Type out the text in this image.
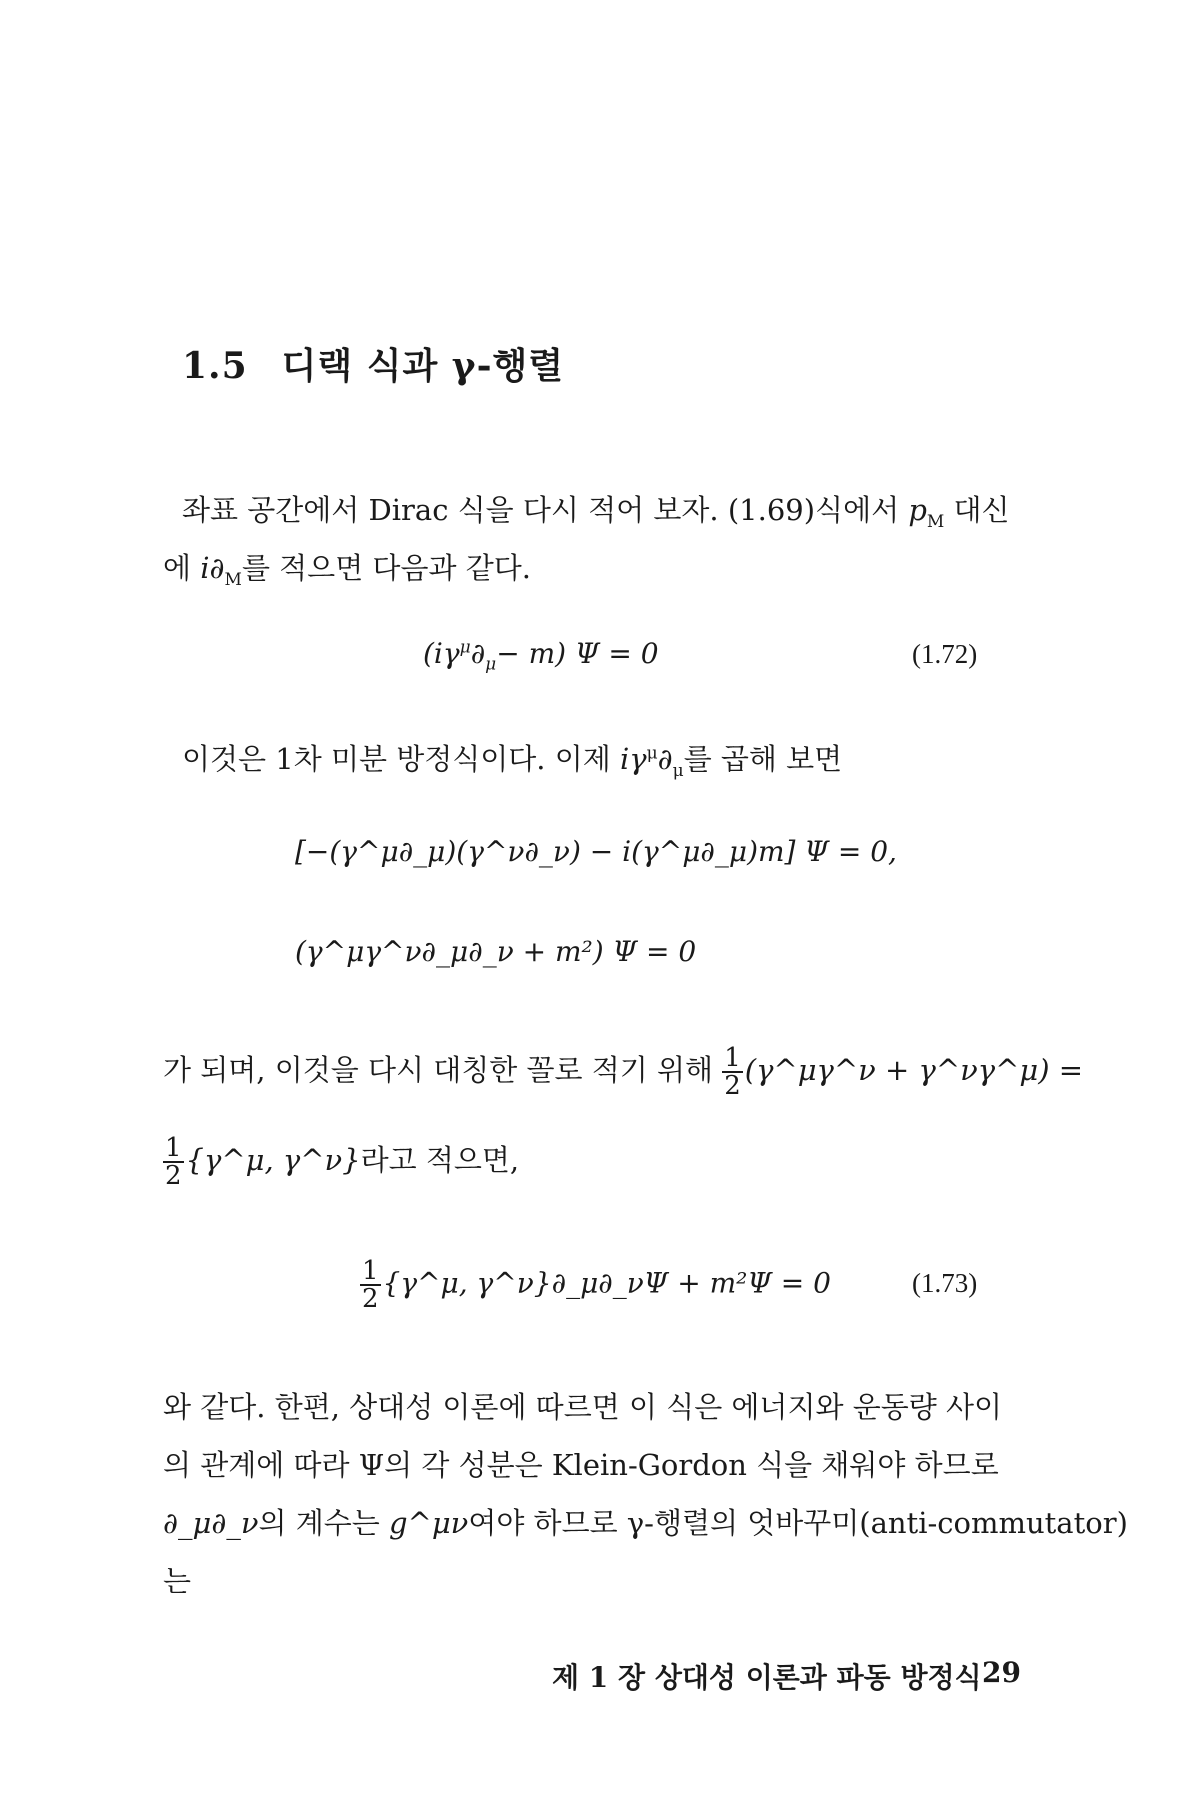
1.5 디랙 식과 γ-행렬
좌표 공간에서 Dirac 식을 다시 적어 보자. (1.69)식에서 $p_M$ 대신
에 $i\partial_M$를 적으면 다음과 같다.
$(i\gamma^\mu\partial_\mu- m) \Psi = 0$	(1.72)
이것은 1차 미분 방정식이다. 이제 $i\gamma^\mu\partial_\mu$를 곱해 보면
[−(γ^μ∂_μ)(γ^ν∂_ν) − i(γ^μ∂_μ)m] Ψ = 0,
(γ^μγ^ν∂_μ∂_ν + m²) Ψ = 0
가 되며, 이것을 다시 대칭한 꼴로 적기 위해 $\frac{1}{2}$ (γ^μγ^ν + γ^νγ^μ) =
$\frac{1}{2}$ {γ^μ, γ^ν}라고 적으면,
$\frac{1}{2}$ {γ^μ, γ^ν}∂_μ∂_νΨ + m²Ψ = 0	(1.73)
와 같다. 한편, 상대성 이론에 따르면 이 식은 에너지와 운동량 사이
의 관계에 따라 Ψ의 각 성분은 Klein-Gordon 식을 채워야 하므로
∂_μ∂_ν의 계수는 g^μν여야 하므로 γ-행렬의 엇바꾸미(anti-commutator)
는
제 1 장 상대성 이론과 파동 방정식 29
